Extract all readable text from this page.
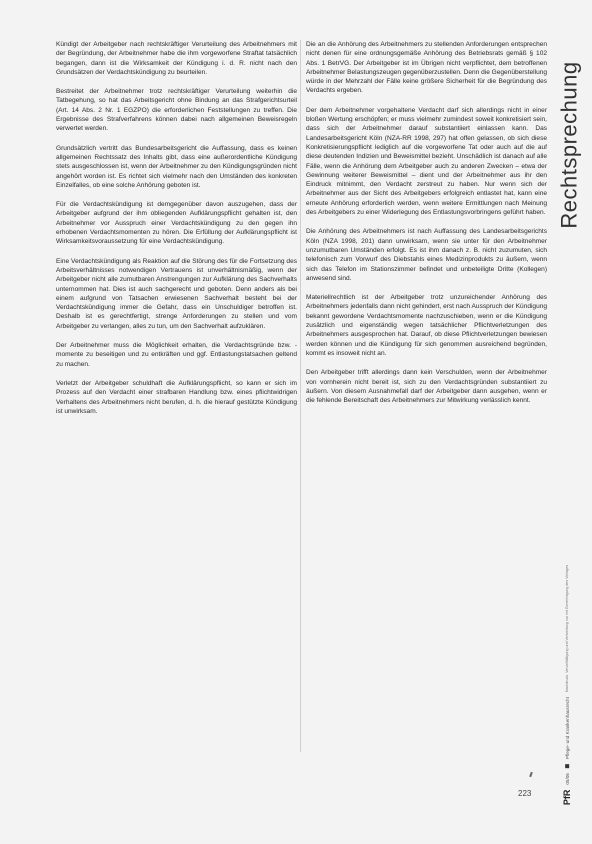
Kündigt der Arbeitgeber nach rechtskräftiger Verurteilung des Arbeitnehmers mit der Begründung, der Arbeitnehmer habe die ihm vorgeworfene Straftat tatsächlich begangen, dann ist die Wirksamkeit der Kündigung i. d. R. nicht nach den Grundsätzen der Verdachtskündigung zu beurteilen.

Bestreitet der Arbeitnehmer trotz rechtskräftiger Verurteilung weiterhin die Tatbegehung, so hat das Arbeitsgericht ohne Bindung an das Strafgerichtsurteil (Art. 14 Abs. 2 Nr. 1 EGZPO) die erforderlichen Feststellungen zu treffen. Die Ergebnisse des Strafverfahrens können dabei nach allgemeinen Beweisregeln verwertet werden.

Grundsätzlich vertritt das Bundesarbeitsgericht die Auffassung, dass es keinen allgemeinen Rechtssatz des Inhalts gibt, dass eine außerordentliche Kündigung stets ausgeschlossen ist, wenn der Arbeitnehmer zu den Kündigungsgründen nicht angehört worden ist. Es richtet sich vielmehr nach den Umständen des konkreten Einzelfalles, ob eine solche Anhörung geboten ist.

Für die Verdachtskündigung ist demgegenüber davon auszugehen, dass der Arbeitgeber aufgrund der ihm obliegenden Aufklärungspflicht gehalten ist, den Arbeitnehmer vor Ausspruch einer Verdachtskündigung zu den gegen ihn erhobenen Verdachtsmomenten zu hören. Die Erfüllung der Aufklärungspflicht ist Wirksamkeitsvoraussetzung für eine Verdachtskündigung.

Eine Verdachtskündigung als Reaktion auf die Störung des für die Fortsetzung des Arbeitsverhältnisses notwendigen Vertrauens ist unverhältnismäßig, wenn der Arbeitgeber nicht alle zumutbaren Anstrengungen zur Aufklärung des Sachverhalts unternommen hat. Dies ist auch sachgerecht und geboten. Denn anders als bei einem aufgrund von Tatsachen erwiesenen Sachverhalt besteht bei der Verdachtskündigung immer die Gefahr, dass ein Unschuldiger betroffen ist. Deshalb ist es gerechtfertigt, strenge Anforderungen zu stellen und vom Arbeitgeber zu verlangen, alles zu tun, um den Sachverhalt aufzuklären.

Der Arbeitnehmer muss die Möglichkeit erhalten, die Verdachtsgründe bzw. -momente zu beseitigen und zu entkräften und ggf. Entlastungstatsachen geltend zu machen.

Verletzt der Arbeitgeber schuldhaft die Aufklärungspflicht, so kann er sich im Prozess auf den Verdacht einer strafbaren Handlung bzw. eines pflichtwidrigen Verhaltens des Arbeitnehmers nicht berufen, d. h. die hierauf gestützte Kündigung ist unwirksam.

Die an die Anhörung des Arbeitnehmers zu stellenden Anforderungen entsprechen nicht denen für eine ordnungsgemäße Anhörung des Betriebsrats gemäß § 102 Abs. 1 BetrVG. Der Arbeitgeber ist im Übrigen nicht verpflichtet, dem betroffenen Arbeitnehmer Belastungszeugen gegenüberzustellen. Denn die Gegenüberstellung würde in der Mehrzahl der Fälle keine größere Sicherheit für die Begründung des Verdachts ergeben.

Der dem Arbeitnehmer vorgehaltene Verdacht darf sich allerdings nicht in einer bloßen Wertung erschöpfen; er muss vielmehr zumindest soweit konkretisiert sein, dass sich der Arbeitnehmer darauf substantiiert einlassen kann. Das Landesarbeitsgericht Köln (NZA-RR 1998, 297) hat offen gelassen, ob sich diese Konkretisierungspflicht lediglich auf die vorgeworfene Tat oder auch auf die auf diese deutenden Indizien und Beweismittel bezieht. Unschädlich ist danach auf alle Fälle, wenn die Anhörung dem Arbeitgeber auch zu anderen Zwecken – etwa der Gewinnung weiterer Beweismittel – dient und der Arbeitnehmer aus ihr den Eindruck mitnimmt, den Verdacht zerstreut zu haben. Nur wenn sich der Arbeitnehmer aus der Sicht des Arbeitgebers erfolgreich entlastet hat, kann eine erneute Anhörung erforderlich werden, wenn weitere Ermittlungen nach Meinung des Arbeitgebers zu einer Widerlegung des Entlastungsvorbringens geführt haben.

Die Anhörung des Arbeitnehmers ist nach Auffassung des Landesarbeitsgerichts Köln (NZA 1998, 201) dann unwirksam, wenn sie unter für den Arbeitnehmer unzumutbaren Umständen erfolgt. Es ist ihm danach z. B. nicht zuzumuten, sich telefonisch zum Vorwurf des Diebstahls eines Medizinprodukts zu äußern, wenn sich das Telefon im Stationszimmer befindet und unbeteiligte Dritte (Kollegen) anwesend sind.

Materiellrechtlich ist der Arbeitgeber trotz unzureichender Anhörung des Arbeitnehmers jedenfalls dann nicht gehindert, erst nach Ausspruch der Kündigung bekannt gewordene Verdachtsmomente nachzuschieben, wenn er die Kündigung zusätzlich und eigenständig wegen tatsächlicher Pflichtverletzungen des Arbeitnehmers ausgesprochen hat. Darauf, ob diese Pflichtverletzungen bewiesen werden können und die Kündigung für sich genommen ausreichend begründen, kommt es insoweit nicht an.

Den Arbeitgeber trifft allerdings dann kein Verschulden, wenn der Arbeitnehmer von vornherein nicht bereit ist, sich zu den Verdachtsgründen substantiiert zu äußern. Von diesem Ausnahmefall darf der Arbeitgeber dann ausgehen, wenn er die fehlende Bereitschaft des Arbeitnehmers zur Mitwirkung verlässlich kennt.

Rechtsprechung
PfR
05/06
Pflege- und Krankenhausrecht
Nachdruck, Vervielfältigung und Verbreitung nur mit Genehmigung des Verlages
223
